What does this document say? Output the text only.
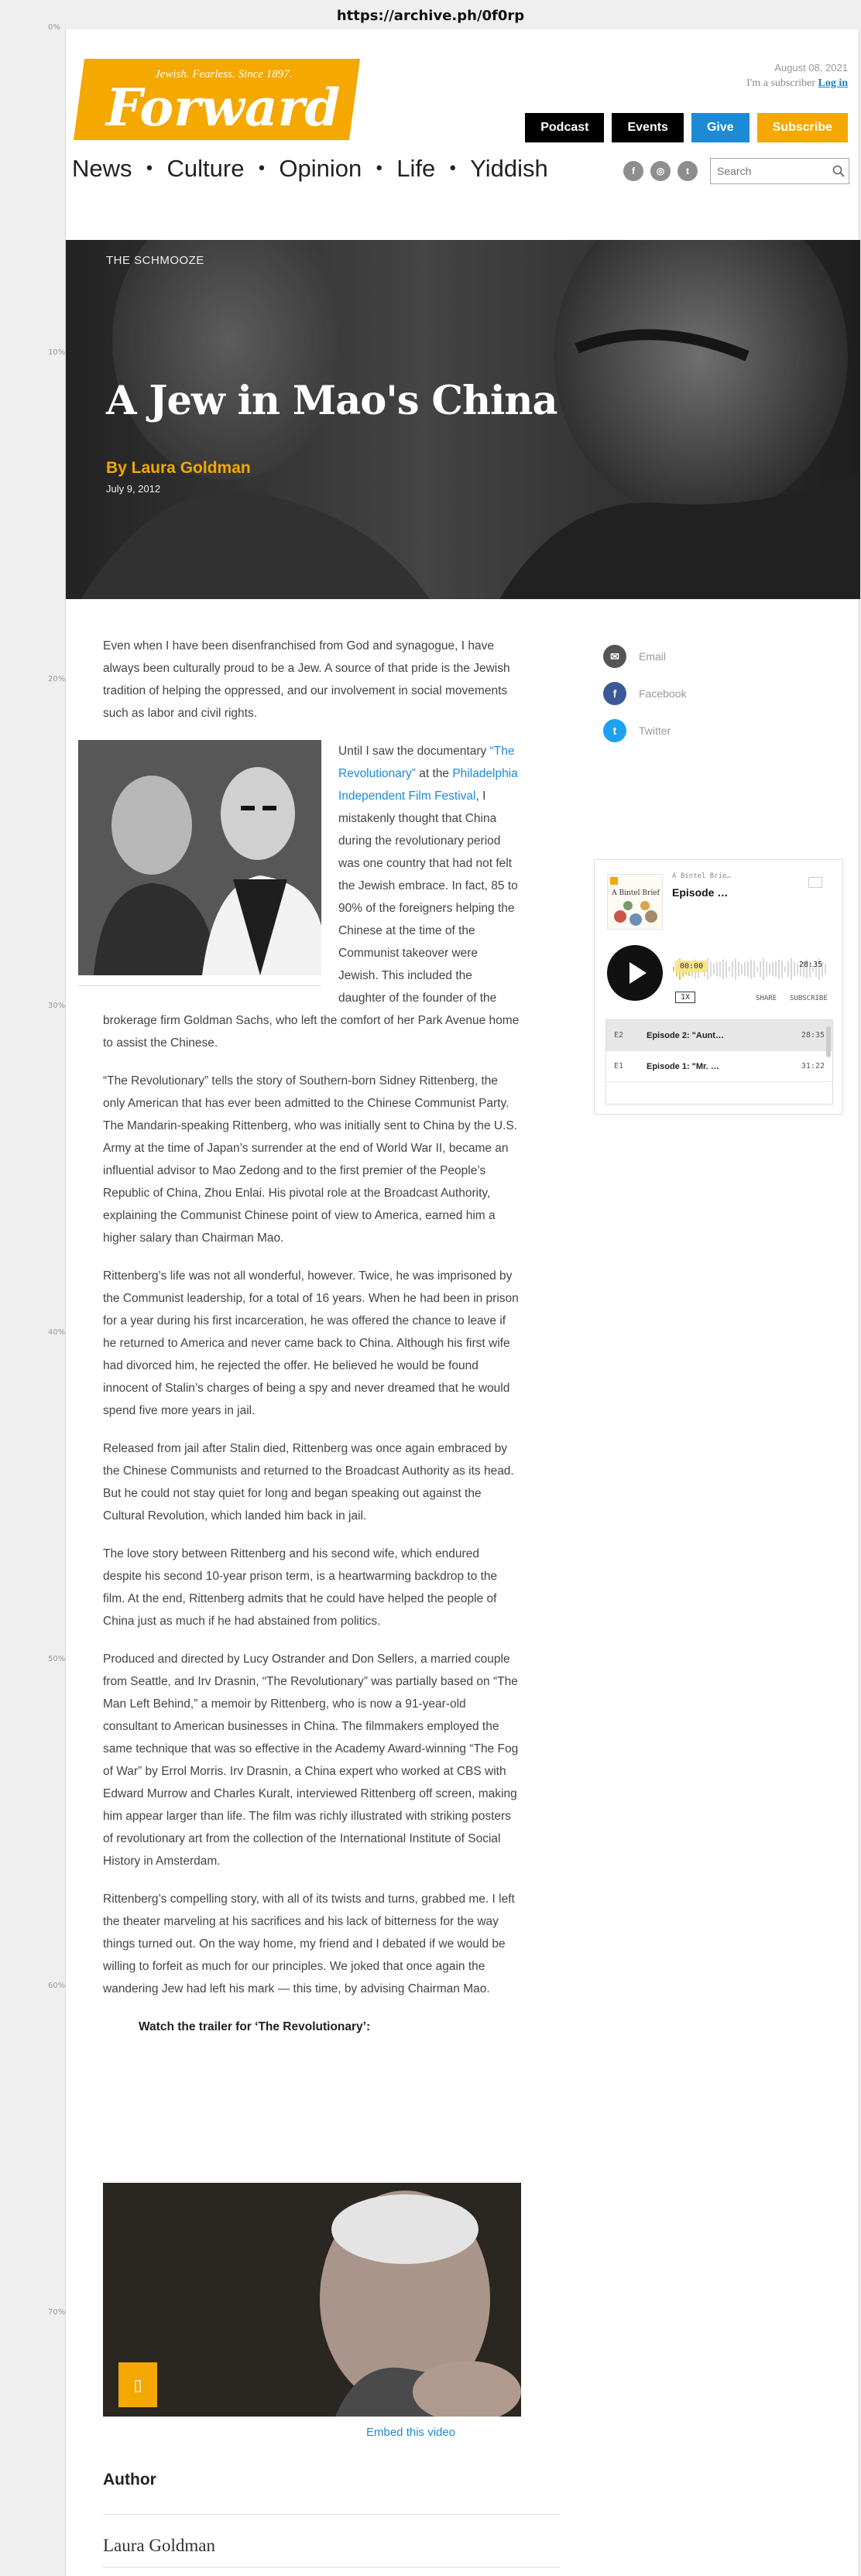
0%
10%
20%
30%
40%
50%
60%
70%
https://archive.ph/0f0rp
August 08, 2021
I'm a subscriber Log in
Forward
Jewish. Fearless. Since 1897.
Podcast	Events	Give	Subscribe
News • Culture • Opinion • Life • Yiddish	f	◎	t
Search
THE SCHMOOZE
A Jew in Mao's China
By Laura Goldman
July 9, 2012
✉	Email
f	Facebook
t	Twitter
A Bintel Brief
A Bintel Brie…
Episode …
00:00	28:35
1X	SHARE SUBSCRIBE
E2	Episode 2: "Aunt…	28:35
E1	Episode 1: "Mr. …	31:22

Even when I have been disenfranchised from God and synagogue, I have always been culturally proud to be a Jew. A source of that pride is the Jewish tradition of helping the oppressed, and our involvement in social movements such as labor and civil rights.

Until I saw the documentary “The Revolutionary” at the Philadelphia Independent Film Festival, I mistakenly thought that China during the revolutionary period was one country that had not felt the Jewish embrace. In fact, 85 to 90% of the foreigners helping the Chinese at the time of the Communist takeover were Jewish. This included the daughter of the founder of the brokerage firm Goldman Sachs, who left the comfort of her Park Avenue home to assist the Chinese.

“The Revolutionary” tells the story of Southern-born Sidney Rittenberg, the only American that has ever been admitted to the Chinese Communist Party. The Mandarin-speaking Rittenberg, who was initially sent to China by the U.S. Army at the time of Japan’s surrender at the end of World War II, became an influential advisor to Mao Zedong and to the first premier of the People’s Republic of China, Zhou Enlai. His pivotal role at the Broadcast Authority, explaining the Communist Chinese point of view to America, earned him a higher salary than Chairman Mao.

Rittenberg’s life was not all wonderful, however. Twice, he was imprisoned by the Communist leadership, for a total of 16 years. When he had been in prison for a year during his first incarceration, he was offered the chance to leave if he returned to America and never came back to China. Although his first wife had divorced him, he rejected the offer. He believed he would be found innocent of Stalin’s charges of being a spy and never dreamed that he would spend five more years in jail.

Released from jail after Stalin died, Rittenberg was once again embraced by the Chinese Communists and returned to the Broadcast Authority as its head. But he could not stay quiet for long and began speaking out against the Cultural Revolution, which landed him back in jail.

The love story between Rittenberg and his second wife, which endured despite his second 10-year prison term, is a heartwarming backdrop to the film. At the end, Rittenberg admits that he could have helped the people of China just as much if he had abstained from politics.

Produced and directed by Lucy Ostrander and Don Sellers, a married couple from Seattle, and Irv Drasnin, “The Revolutionary” was partially based on “The Man Left Behind,” a memoir by Rittenberg, who is now a 91-year-old consultant to American businesses in China. The filmmakers employed the same technique that was so effective in the Academy Award-winning “The Fog of War” by Errol Morris. Irv Drasnin, a China expert who worked at CBS with Edward Murrow and Charles Kuralt, interviewed Rittenberg off screen, making him appear larger than life. The film was richly illustrated with striking posters of revolutionary art from the collection of the International Institute of Social History in Amsterdam.

Rittenberg’s compelling story, with all of its twists and turns, grabbed me. I left the theater marveling at his sacrifices and his lack of bitterness for the way things turned out. On the way home, my friend and I debated if we would be willing to forfeit as much for our principles. We joked that once again the wandering Jew had left his mark — this time, by advising Chairman Mao.

Watch the trailer for ‘The Revolutionary’:

▯
Embed this video
Author
Laura Goldman
